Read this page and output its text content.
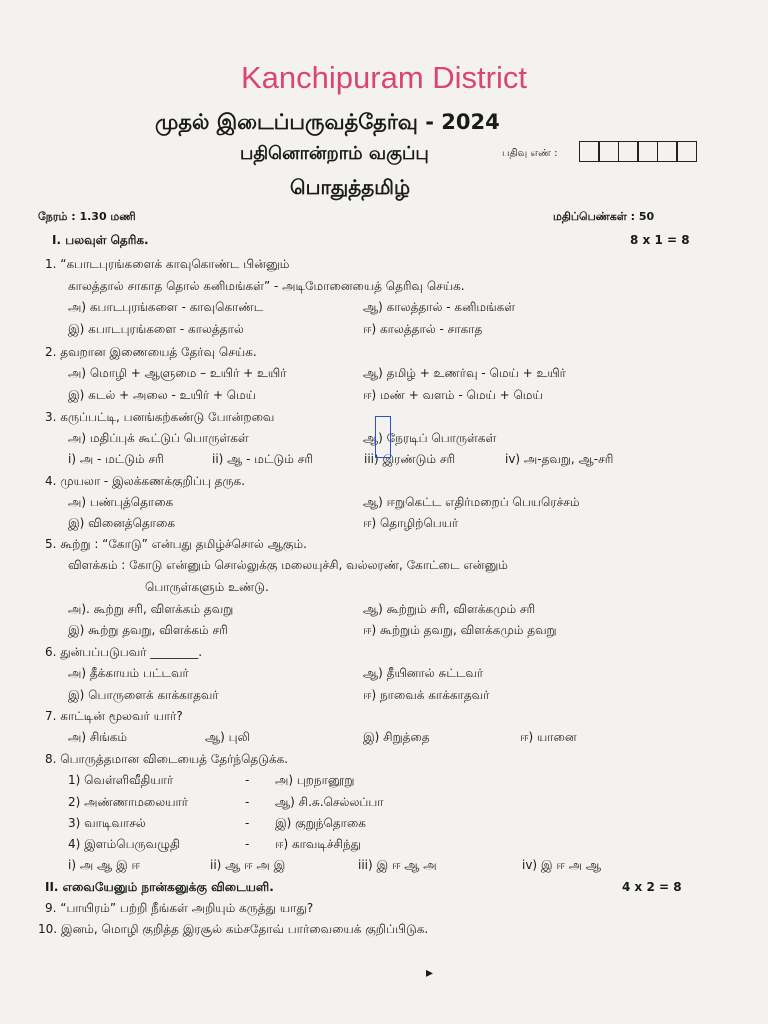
Kanchipuram District
முதல் இடைப்பருவத்தேர்வு - 2024
பதினொன்றாம் வகுப்பு
பொதுத்தமிழ்
பதிவு எண் :
நேரம் : 1.30 மணி	மதிப்பெண்கள் : 50
I. பலவுள் தெரிக.	8 x 1 = 8
1. “கபாடபுரங்களைக் காவுகொண்ட பின்னும்
காலத்தால் சாகாத தொல் கனிமங்கள்” - அடிமோனையைத் தெரிவு செய்க.
அ) கபாடபுரங்களை - காவுகொண்ட	ஆ) காலத்தால் - கனிமங்கள்
இ) கபாடபுரங்களை - காலத்தால்	ஈ) காலத்தால் - சாகாத
2. தவறான இணையைத் தேர்வு செய்க.
அ) மொழி + ஆளுமை – உயிர் + உயிர்	ஆ) தமிழ் + உணர்வு - மெய் + உயிர்
இ) கடல் + அலை - உயிர் + மெய்	ஈ) மண் + வளம் - மெய் + மெய்
3. கருப்பட்டி, பனங்கற்கண்டு போன்றவை
அ) மதிப்புக் கூட்டுப் பொருள்கள்	ஆ) நேரடிப் பொருள்கள்
i) அ - மட்டும் சரி	ii) ஆ - மட்டும் சரி	iii) இரண்டும் சரி	iv) அ-தவறு, ஆ-சரி
4. முயலா - இலக்கணக்குறிப்பு தருக.
அ) பண்புத்தொகை	ஆ) ஈறுகெட்ட எதிர்மறைப் பெயரெச்சம்
இ) வினைத்தொகை	ஈ) தொழிற்பெயர்
5. கூற்று : “கோடு” என்பது தமிழ்ச்சொல் ஆகும்.
விளக்கம் : கோடு என்னும் சொல்லுக்கு மலையுச்சி, வல்லரண், கோட்டை என்னும்
பொருள்களும் உண்டு.
அ). கூற்று சரி, விளக்கம் தவறு	ஆ) கூற்றும் சரி, விளக்கமும் சரி
இ) கூற்று தவறு, விளக்கம் சரி	ஈ) கூற்றும் தவறு, விளக்கமும் தவறு
6. துன்பப்படுபவர் ________.
அ) தீக்காயம் பட்டவர்	ஆ) தீயினால் சுட்டவர்
இ) பொருளைக் காக்காதவர்	ஈ) நாவைக் காக்காதவர்
7. காட்டின் மூலவர் யார்?
அ) சிங்கம்	ஆ) புலி	இ) சிறுத்தை	ஈ) யானை
8. பொருத்தமான விடையைத் தேர்ந்தெடுக்க.
1) வெள்ளிவீதியார்	- அ) புறநானூறு
2) அண்ணாமலையார்	- ஆ) சி.சு.செல்லப்பா
3) வாடிவாசல்	- இ) குறுந்தொகை
4) இளம்பெருவழுதி	- ஈ) காவடிச்சிந்து
i) அ ஆ இ ஈ	ii) ஆ ஈ அ இ	iii) இ ஈ ஆ அ	iv) இ ஈ அ ஆ
II. எவையேனும் நான்கனுக்கு விடையளி.	4 x 2 = 8
9. “பாயிரம்” பற்றி நீங்கள் அறியும் கருத்து யாது?
10. இனம், மொழி குறித்த இரசூல் கம்சதோவ் பார்வையைக் குறிப்பிடுக.
▸
